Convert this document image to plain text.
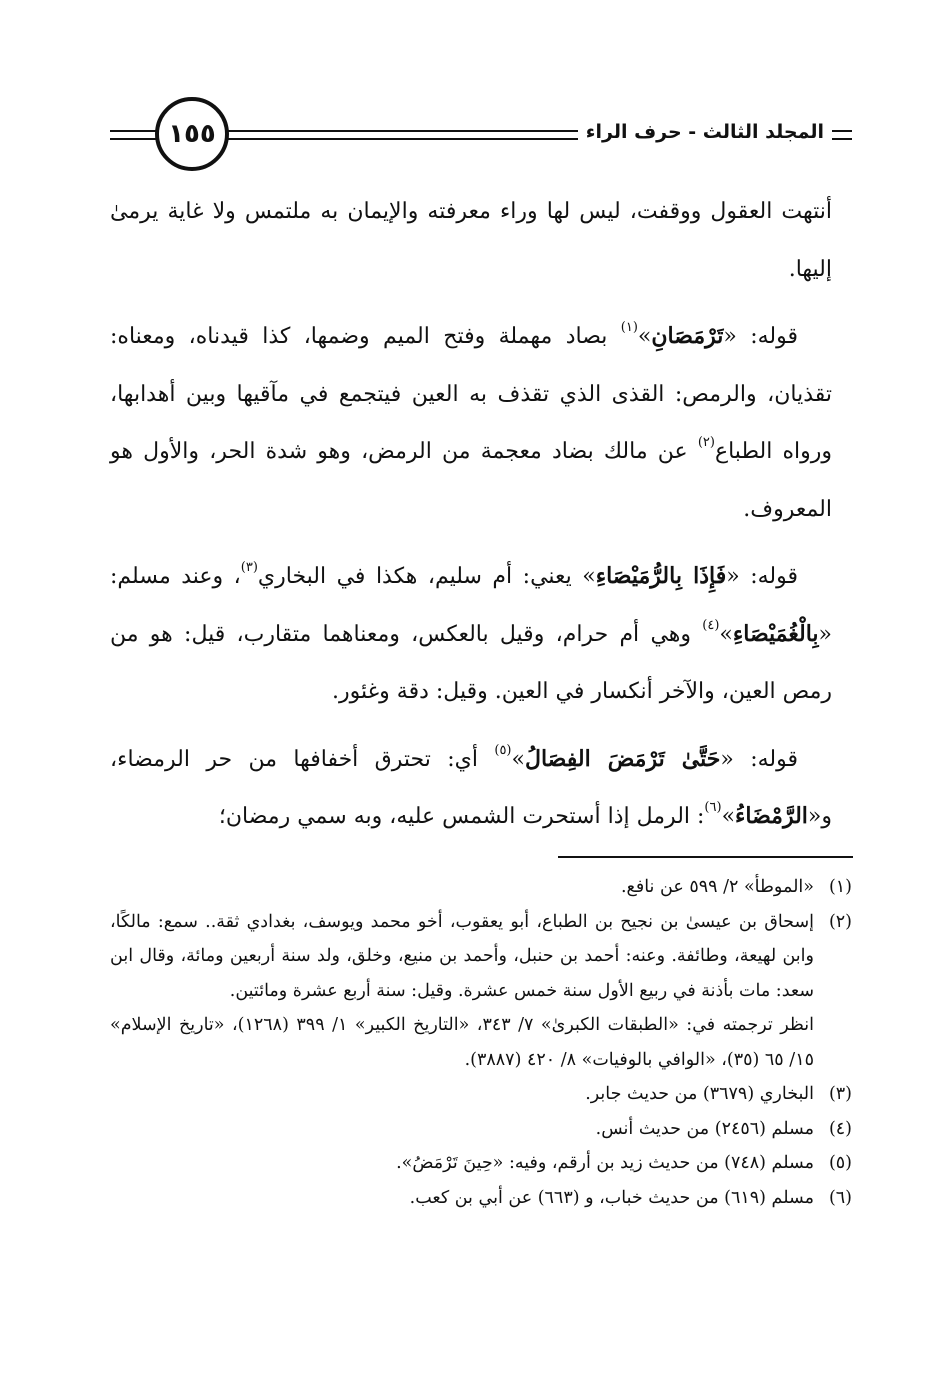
المجلد الثالث - حرف الراء
١٥٥

أنتهت العقول ووقفت، ليس لها وراء معرفته والإيمان به ملتمس ولا غاية يرمىٰ إليها.

قوله: «تَرْمَصَانِ»$^{(١)}$ بصاد مهملة وفتح الميم وضمها، كذا قيدناه، ومعناه: تقذيان، والرمص: القذى الذي تقذف به العين فيتجمع في مآقيها وبين أهدابها، ورواه الطباع$^{(٢)}$ عن مالك بضاد معجمة من الرمض، وهو شدة الحر، والأول هو المعروف.

قوله: «فَإِذَا بِالرُّمَيْصَاءِ» يعني: أم سليم، هكذا في البخاري$^{(٣)}$، وعند مسلم: «بِالْغُمَيْصَاءِ»$^{(٤)}$ وهي أم حرام، وقيل بالعكس، ومعناهما متقارب، قيل: هو من رمص العين، والآخر أنكسار في العين. وقيل: دقة وغئور.

قوله: «حَتَّىٰ تَرْمَضَ الفِصَالُ»$^{(٥)}$ أي: تحترق أخفافها من حر الرمضاء، و«الرَّمْضَاءُ»$^{(٦)}$: الرمل إذا أستحرت الشمس عليه، وبه سمي رمضان؛

(١)
«الموطأ» ٢/ ٥٩٩ عن نافع.
(٢)
إسحاق بن عيسىٰ بن نجيح بن الطباع، أبو يعقوب، أخو محمد ويوسف، بغدادي ثقة.. سمع: مالكًا، وابن لهيعة، وطائفة. وعنه: أحمد بن حنبل، وأحمد بن منيع، وخلق، ولد سنة أربعين ومائة، وقال ابن سعد: مات بأذنة في ربيع الأول سنة خمس عشرة. وقيل: سنة أربع عشرة ومائتين.
انظر ترجمته في: «الطبقات الكبرىٰ» ٧/ ٣٤٣، «التاريخ الكبير» ١/ ٣٩٩ (١٢٦٨)، «تاريخ الإسلام» ١٥/ ٦٥ (٣٥)، «الوافي بالوفيات» ٨/ ٤٢٠ (٣٨٨٧).
(٣)
البخاري (٣٦٧٩) من حديث جابر.
(٤)
مسلم (٢٤٥٦) من حديث أنس.
(٥)
مسلم (٧٤٨) من حديث زيد بن أرقم، وفيه: «حِينَ تَرْمَضُ».
(٦)
مسلم (٦١٩) من حديث خباب، و (٦٦٣) عن أبي بن كعب.
